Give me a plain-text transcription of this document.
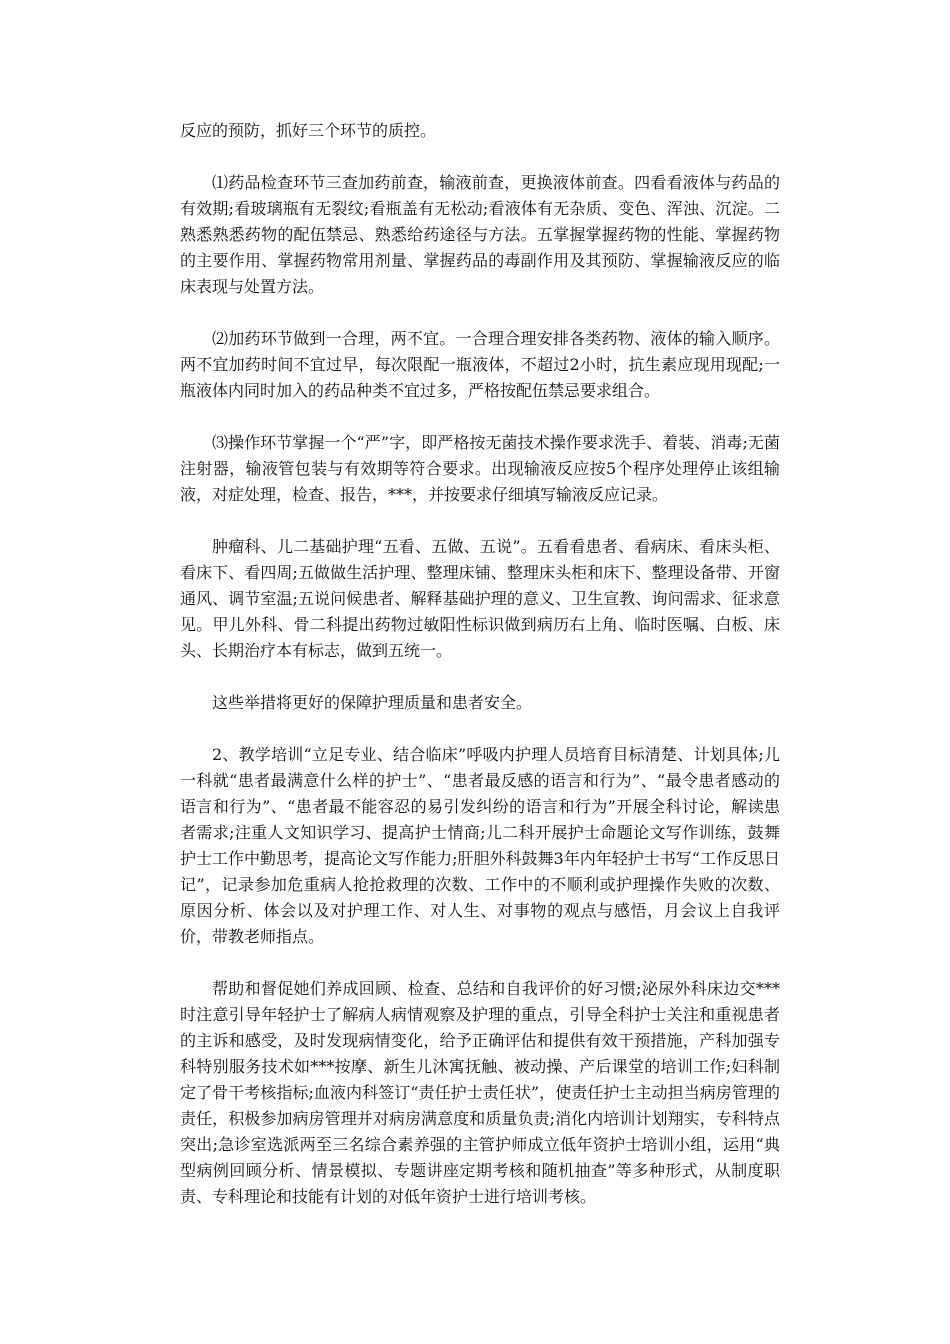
反应的预防，抓好三个环节的质控。

⑴药品检查环节三查加药前查，输液前查，更换液体前查。四看看液体与药品的有效期;看玻璃瓶有无裂纹;看瓶盖有无松动;看液体有无杂质、变色、浑浊、沉淀。二熟悉熟悉药物的配伍禁忌、熟悉给药途径与方法。五掌握掌握药物的性能、掌握药物的主要作用、掌握药物常用剂量、掌握药品的毒副作用及其预防、掌握输液反应的临床表现与处置方法。

⑵加药环节做到一合理，两不宜。一合理合理安排各类药物、液体的输入顺序。两不宜加药时间不宜过早，每次限配一瓶液体，不超过2小时，抗生素应现用现配;一瓶液体内同时加入的药品种类不宜过多，严格按配伍禁忌要求组合。

⑶操作环节掌握一个“严”字，即严格按无菌技术操作要求洗手、着装、消毒;无菌注射器，输液管包装与有效期等符合要求。出现输液反应按5个程序处理停止该组输液，对症处理，检查、报告，***，并按要求仔细填写输液反应记录。

肿瘤科、儿二基础护理“五看、五做、五说”。五看看患者、看病床、看床头柜、看床下、看四周;五做做生活护理、整理床铺、整理床头柜和床下、整理设备带、开窗通风、调节室温;五说问候患者、解释基础护理的意义、卫生宣教、询问需求、征求意见。甲儿外科、骨二科提出药物过敏阳性标识做到病历右上角、临时医嘱、白板、床头、长期治疗本有标志，做到五统一。

这些举措将更好的保障护理质量和患者安全。

2、教学培训“立足专业、结合临床”呼吸内护理人员培育目标清楚、计划具体;儿一科就“患者最满意什么样的护士”、“患者最反感的语言和行为”、“最令患者感动的语言和行为”、“患者最不能容忍的易引发纠纷的语言和行为”开展全科讨论，解读患者需求;注重人文知识学习、提高护士情商;儿二科开展护士命题论文写作训练，鼓舞护士工作中勤思考，提高论文写作能力;肝胆外科鼓舞3年内年轻护士书写“工作反思日记”，记录参加危重病人抢抢救理的次数、工作中的不顺利或护理操作失败的次数、原因分析、体会以及对护理工作、对人生、对事物的观点与感悟，月会议上自我评价，带教老师指点。

帮助和督促她们养成回顾、检查、总结和自我评价的好习惯;泌尿外科床边交***时注意引导年轻护士了解病人病情观察及护理的重点，引导全科护士关注和重视患者的主诉和感受，及时发现病情变化，给予正确评估和提供有效干预措施，产科加强专科特别服务技术如***按摩、新生儿沐寓抚触、被动操、产后课堂的培训工作;妇科制定了骨干考核指标;血液内科签订“责任护士责任状”，使责任护士主动担当病房管理的责任，积极参加病房管理并对病房满意度和质量负责;消化内培训计划翔实，专科特点突出;急诊室选派两至三名综合素养强的主管护师成立低年资护士培训小组，运用“典型病例回顾分析、情景模拟、专题讲座定期考核和随机抽查”等多种形式，从制度职责、专科理论和技能有计划的对低年资护士进行培训考核。
